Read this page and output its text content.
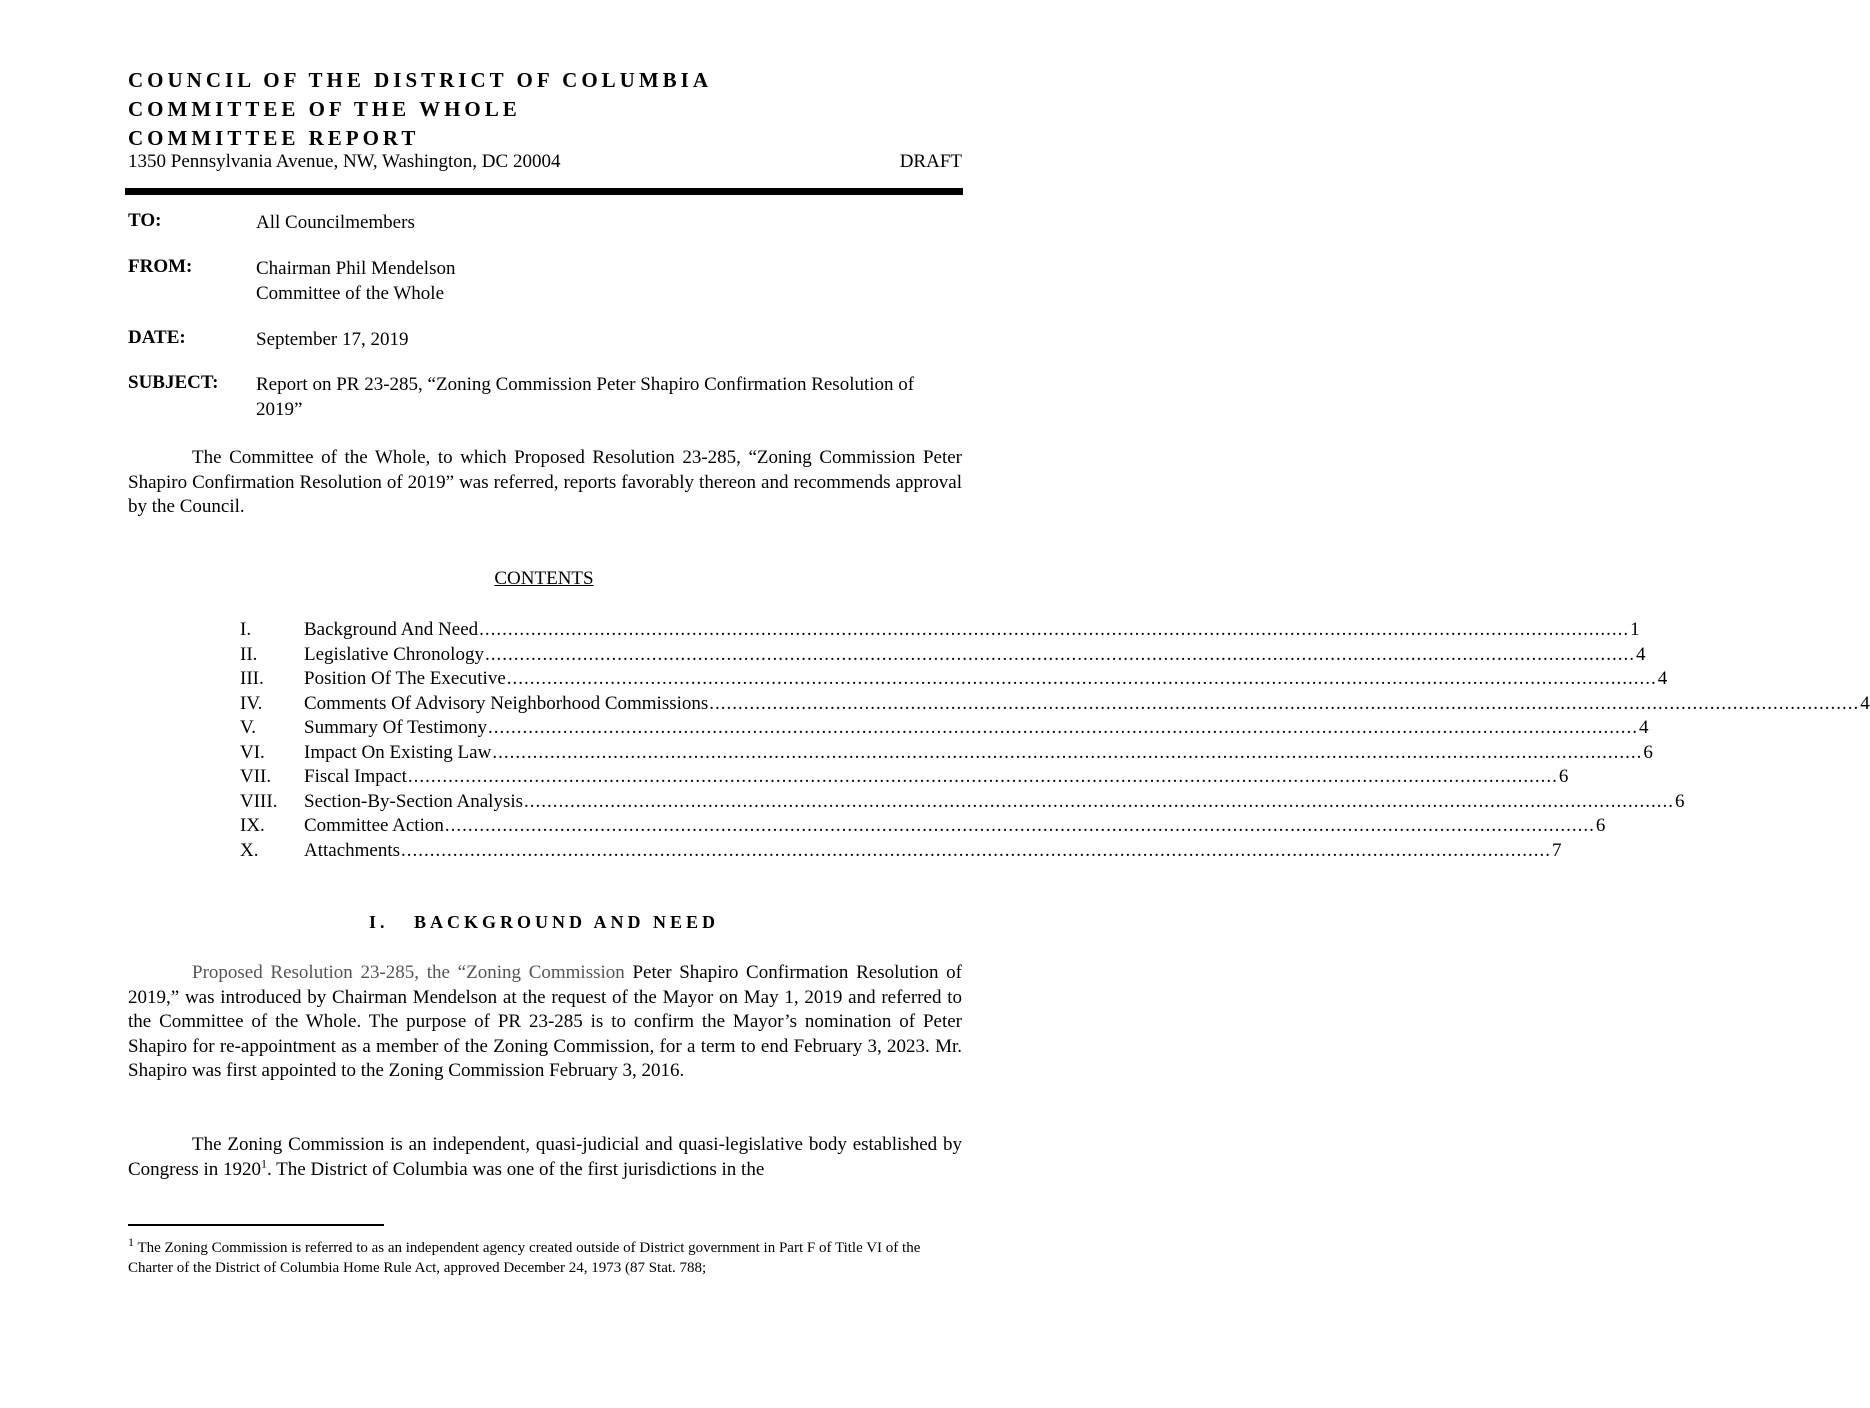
COUNCIL OF THE DISTRICT OF COLUMBIA
COMMITTEE OF THE WHOLE
COMMITTEE REPORT
1350 Pennsylvania Avenue, NW, Washington, DC 20004	DRAFT
TO:	All Councilmembers
FROM:	Chairman Phil Mendelson
Committee of the Whole
DATE:	September 17, 2019
SUBJECT: Report on PR 23-285, “Zoning Commission Peter Shapiro Confirmation Resolution of 2019”
The Committee of the Whole, to which Proposed Resolution 23-285, “Zoning Commission Peter Shapiro Confirmation Resolution of 2019” was referred, reports favorably thereon and recommends approval by the Council.
CONTENTS
I.	Background And Need ........................................................................................................................................................................................................ 1
II.	Legislative Chronology ........................................................................................................................................................................................................ 4
III.	Position Of The Executive ........................................................................................................................................................................................................ 4
IV.	Comments Of Advisory Neighborhood Commissions ........................................................................................................................................................................................................ 4
V.	Summary Of Testimony ........................................................................................................................................................................................................ 4
VI.	Impact On Existing Law ........................................................................................................................................................................................................ 6
VII.	Fiscal Impact ........................................................................................................................................................................................................ 6
VIII.	Section-By-Section Analysis ........................................................................................................................................................................................................ 6
IX.	Committee Action ........................................................................................................................................................................................................ 6
X.	Attachments ........................................................................................................................................................................................................ 7
I.   BACKGROUND AND NEED
Proposed Resolution 23-285, the “Zoning Commission Peter Shapiro Confirmation Resolution of 2019,” was introduced by Chairman Mendelson at the request of the Mayor on May 1, 2019 and referred to the Committee of the Whole. The purpose of PR 23-285 is to confirm the Mayor’s nomination of Peter Shapiro for re-appointment as a member of the Zoning Commission, for a term to end February 3, 2023. Mr. Shapiro was first appointed to the Zoning Commission February 3, 2016.
The Zoning Commission is an independent, quasi-judicial and quasi-legislative body established by Congress in 1920$^1$. The District of Columbia was one of the first jurisdictions in the
$^1$ The Zoning Commission is referred to as an independent agency created outside of District government in Part F of Title VI of the Charter of the District of Columbia Home Rule Act, approved December 24, 1973 (87 Stat. 788;
